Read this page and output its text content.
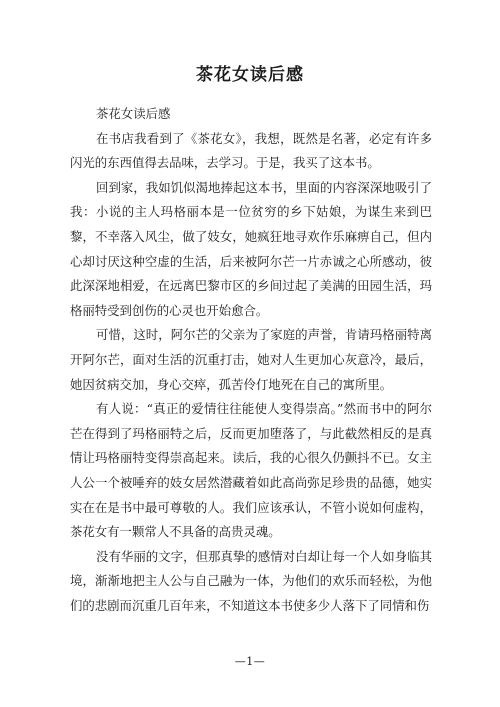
茶花女读后感

茶花女读后感

在书店我看到了《茶花女》，我想，既然是名著，必定有许多闪光的东西值得去品味，去学习。于是，我买了这本书。

回到家，我如饥似渴地捧起这本书，里面的内容深深地吸引了我：小说的主人玛格丽本是一位贫穷的乡下姑娘，为谋生来到巴黎，不幸落入风尘，做了妓女，她疯狂地寻欢作乐麻痹自己，但内心却讨厌这种空虚的生活，后来被阿尔芒一片赤诚之心所感动，彼此深深地相爱，在远离巴黎市区的乡间过起了美满的田园生活，玛格丽特受到创伤的心灵也开始愈合。

可惜，这时，阿尔芒的父亲为了家庭的声誉，肯请玛格丽特离开阿尔芒，面对生活的沉重打击，她对人生更加心灰意冷，最后，她因贫病交加，身心交瘁，孤苦伶仃地死在自己的寓所里。

有人说：“真正的爱情往往能使人变得崇高。”然而书中的阿尔芒在得到了玛格丽特之后，反而更加堕落了，与此截然相反的是真情让玛格丽特变得崇高起来。读后，我的心很久仍颤抖不已。女主人公一个被唾弃的妓女居然潜藏着如此高尚弥足珍贵的品德，她实实在在是书中最可尊敬的人。我们应该承认，不管小说如何虚构，茶花女有一颗常人不具备的高贵灵魂。

没有华丽的文字，但那真挚的感情对白却让每一个人如身临其境，渐渐地把主人公与自己融为一体，为他们的欢乐而轻松，为他们的悲剧而沉重几百年来，不知道这本书使多少人落下了同情和伤

—1—
